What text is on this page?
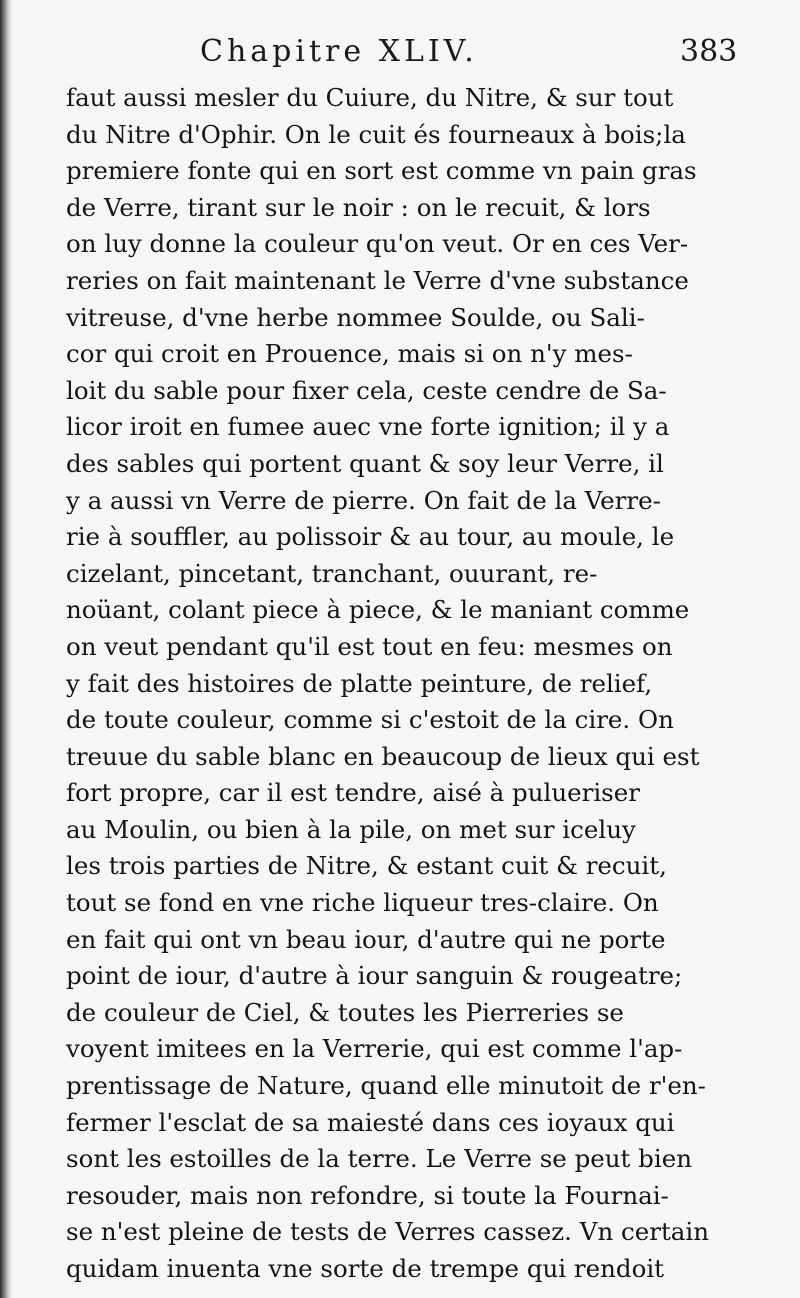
Chapitre XLIV.	383
faut aussi mesler du Cuiure, du Nitre, & sur tout
du Nitre d'Ophir. On le cuit és fourneaux à bois;la
premiere fonte qui en sort est comme vn pain gras
de Verre, tirant sur le noir : on le recuit, & lors
on luy donne la couleur qu'on veut. Or en ces Ver-
reries on fait maintenant le Verre d'vne substance
vitreuse, d'vne herbe nommee Soulde, ou Sali-
cor qui croit en Prouence, mais si on n'y mes-
loit du sable pour fixer cela, ceste cendre de Sa-
licor iroit en fumee auec vne forte ignition; il y a
des sables qui portent quant & soy leur Verre, il
y a aussi vn Verre de pierre. On fait de la Verre-
rie à souffler, au polissoir & au tour, au moule, le
cizelant, pincetant, tranchant, ouurant, re-
noüant, colant piece à piece, & le maniant comme
on veut pendant qu'il est tout en feu: mesmes on
y fait des histoires de platte peinture, de relief,
de toute couleur, comme si c'estoit de la cire. On
treuue du sable blanc en beaucoup de lieux qui est
fort propre, car il est tendre, aisé à pulueriser
au Moulin, ou bien à la pile, on met sur iceluy
les trois parties de Nitre, & estant cuit & recuit,
tout se fond en vne riche liqueur tres-claire. On
en fait qui ont vn beau iour, d'autre qui ne porte
point de iour, d'autre à iour sanguin & rougeatre;
de couleur de Ciel, & toutes les Pierreries se
voyent imitees en la Verrerie, qui est comme l'ap-
prentissage de Nature, quand elle minutoit de r'en-
fermer l'esclat de sa maiesté dans ces ioyaux qui
sont les estoilles de la terre. Le Verre se peut bien
resouder, mais non refondre, si toute la Fournai-
se n'est pleine de tests de Verres cassez. Vn certain
quidam inuenta vne sorte de trempe qui rendoit
